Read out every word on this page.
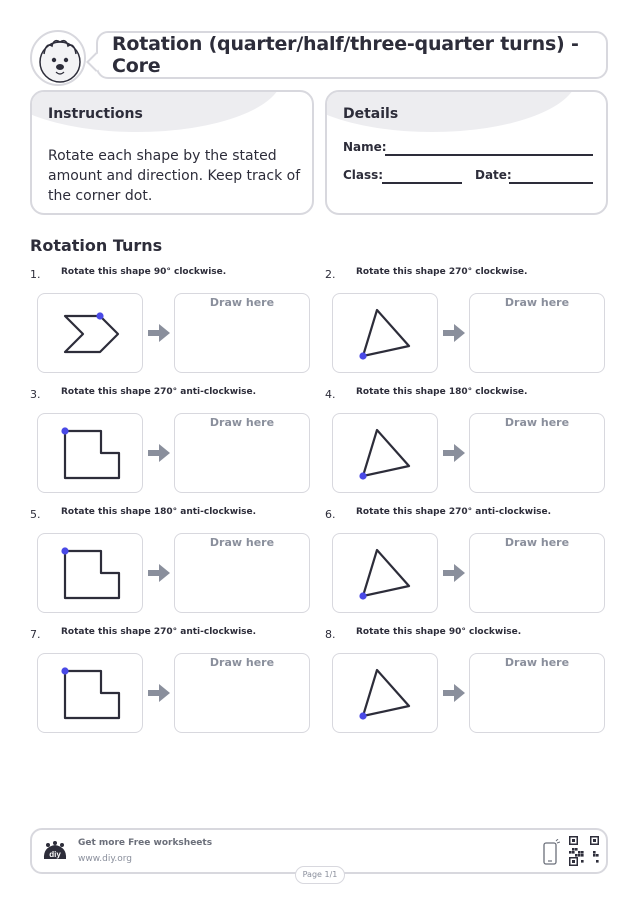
Rotation (quarter/half/three-quarter turns) - Core
Instructions
Rotate each shape by the stated amount and direction. Keep track of the corner dot.
Details
Name:
Class:	Date:
Rotation Turns
1. Rotate this shape 90° clockwise.
Draw here
2. Rotate this shape 270° clockwise.
Draw here
3. Rotate this shape 270° anti-clockwise.
Draw here
4. Rotate this shape 180° clockwise.
Draw here
5. Rotate this shape 180° anti-clockwise.
Draw here
6. Rotate this shape 270° anti-clockwise.
Draw here
7. Rotate this shape 270° anti-clockwise.
Draw here
8. Rotate this shape 90° clockwise.
Draw here
diy
Get more Free worksheets
www.diy.org
Page 1/1
